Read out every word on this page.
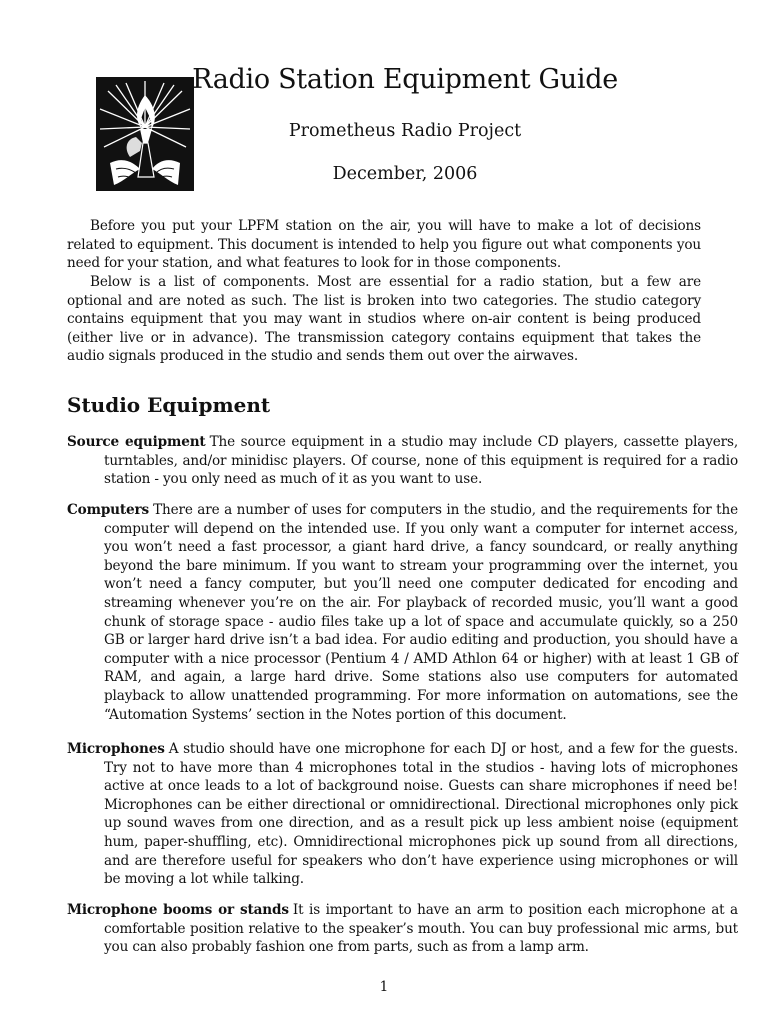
Radio Station Equipment Guide
Prometheus Radio Project
December, 2006

Before you put your LPFM station on the air, you will have to make a lot of decisions related to equipment. This document is intended to help you figure out what components you need for your station, and what features to look for in those components.

Below is a list of components. Most are essential for a radio station, but a few are optional and are noted as such. The list is broken into two categories. The studio category contains equipment that you may want in studios where on-air content is being produced (either live or in advance). The transmission category contains equipment that takes the audio signals produced in the studio and sends them out over the airwaves.

Studio Equipment
Source equipment The source equipment in a studio may include CD players, cassette players, turntables, and/or minidisc players. Of course, none of this equipment is required for a radio station - you only need as much of it as you want to use.
Computers There are a number of uses for computers in the studio, and the requirements for the computer will depend on the intended use. If you only want a computer for internet access, you won’t need a fast processor, a giant hard drive, a fancy soundcard, or really anything beyond the bare minimum. If you want to stream your programming over the internet, you won’t need a fancy computer, but you’ll need one computer dedicated for encoding and streaming whenever you’re on the air. For playback of recorded music, you’ll want a good chunk of storage space - audio files take up a lot of space and accumulate quickly, so a 250 GB or larger hard drive isn’t a bad idea. For audio editing and production, you should have a computer with a nice processor (Pentium 4 / AMD Athlon 64 or higher) with at least 1 GB of RAM, and again, a large hard drive. Some stations also use computers for automated playback to allow unattended programming. For more information on automations, see the “Automation Systems’ section in the Notes portion of this document.
Microphones A studio should have one microphone for each DJ or host, and a few for the guests. Try not to have more than 4 microphones total in the studios - having lots of microphones active at once leads to a lot of background noise. Guests can share microphones if need be! Microphones can be either directional or omnidirectional. Directional microphones only pick up sound waves from one direction, and as a result pick up less ambient noise (equipment hum, paper-shuffling, etc). Omnidirectional microphones pick up sound from all directions, and are therefore useful for speakers who don’t have experience using microphones or will be moving a lot while talking.
Microphone booms or stands It is important to have an arm to position each microphone at a comfortable position relative to the speaker’s mouth. You can buy professional mic arms, but you can also probably fashion one from parts, such as from a lamp arm.
1
